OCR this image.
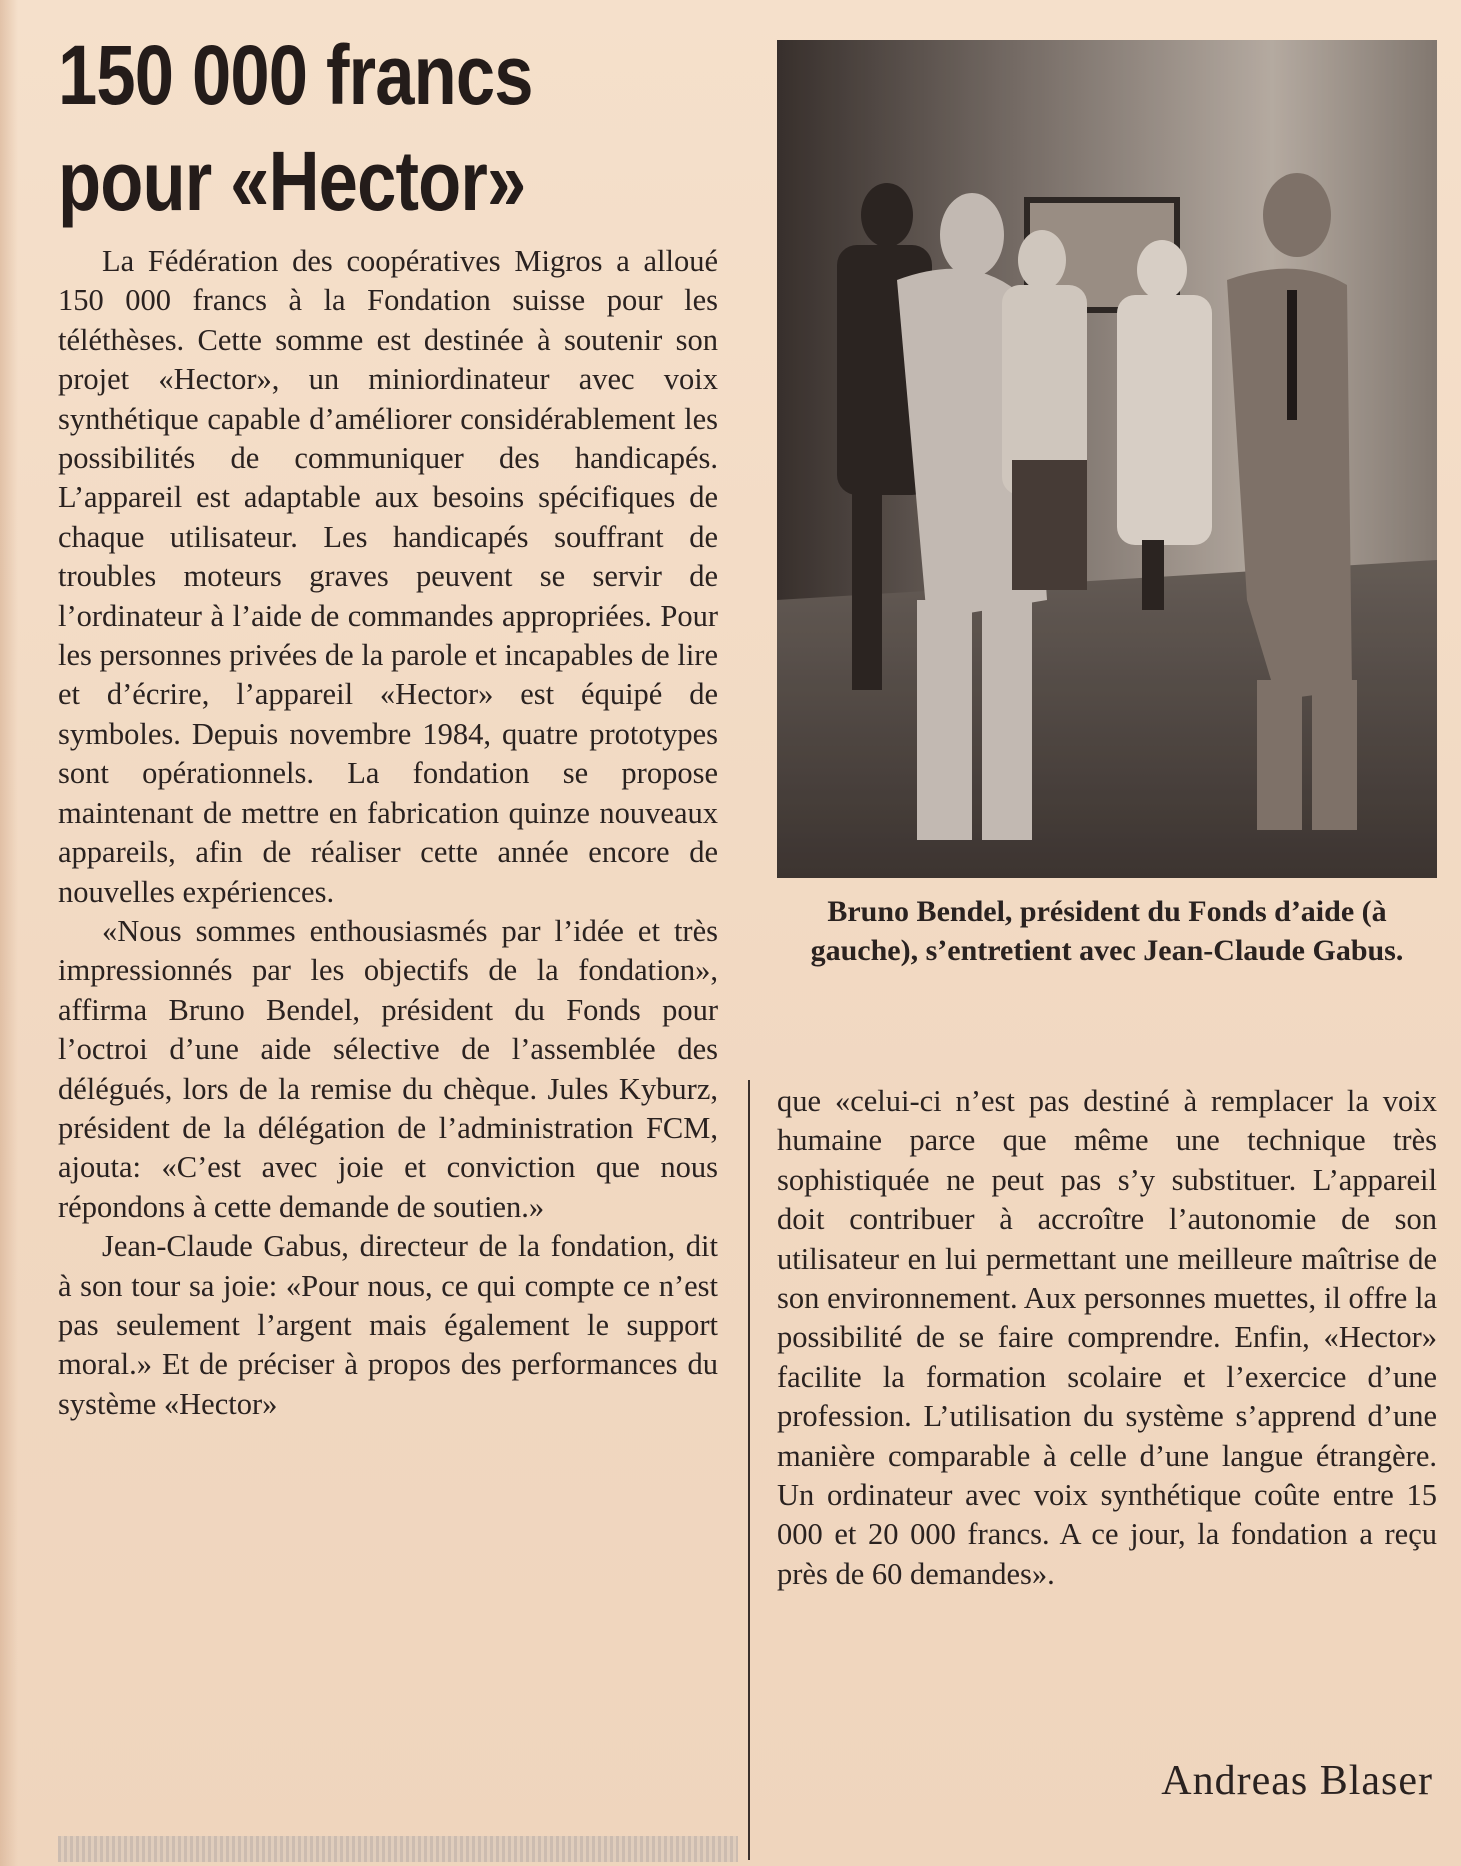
150 000 francs pour «Hector»

La Fédération des coopératives Migros a alloué 150 000 francs à la Fondation suisse pour les téléthèses. Cette somme est destinée à soutenir son projet «Hector», un miniordinateur avec voix synthétique capable d’améliorer considérablement les possibilités de communiquer des handicapés. L’appareil est adaptable aux besoins spécifiques de chaque utilisateur. Les handicapés souffrant de troubles moteurs graves peuvent se servir de l’ordinateur à l’aide de commandes appropriées. Pour les personnes privées de la parole et incapables de lire et d’écrire, l’appareil «Hector» est équipé de symboles. Depuis novembre 1984, quatre prototypes sont opérationnels. La fondation se propose maintenant de mettre en fabrication quinze nouveaux appareils, afin de réaliser cette année encore de nouvelles expériences.

«Nous sommes enthousiasmés par l’idée et très impressionnés par les objectifs de la fondation», affirma Bruno Bendel, président du Fonds pour l’octroi d’une aide sélective de l’assemblée des délégués, lors de la remise du chèque. Jules Kyburz, président de la délégation de l’administration FCM, ajouta: «C’est avec joie et conviction que nous répondons à cette demande de soutien.»

Jean-Claude Gabus, directeur de la fondation, dit à son tour sa joie: «Pour nous, ce qui compte ce n’est pas seulement l’argent mais également le support moral.» Et de préciser à propos des performances du système «Hector»

Bruno Bendel, président du Fonds d’aide (à gauche), s’entretient avec Jean-Claude Gabus.

que «celui-ci n’est pas destiné à remplacer la voix humaine parce que même une technique très sophistiquée ne peut pas s’y substituer. L’appareil doit contribuer à accroître l’autonomie de son utilisateur en lui permettant une meilleure maîtrise de son environnement. Aux personnes muettes, il offre la possibilité de se faire comprendre. Enfin, «Hector» facilite la formation scolaire et l’exercice d’une profession. L’utilisation du système s’apprend d’une manière comparable à celle d’une langue étrangère. Un ordinateur avec voix synthétique coûte entre 15 000 et 20 000 francs. A ce jour, la fondation a reçu près de 60 demandes».

Andreas Blaser
